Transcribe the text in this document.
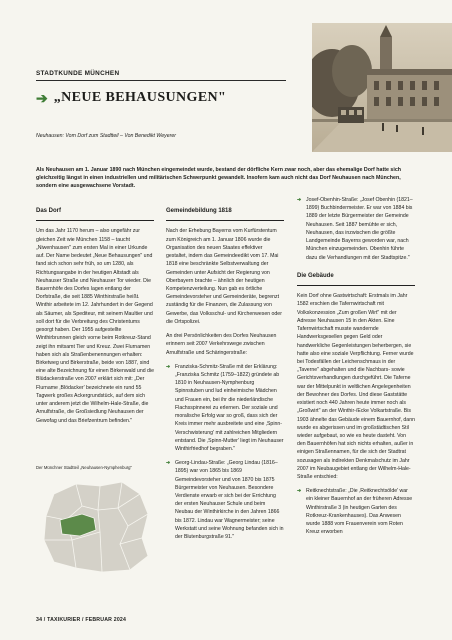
STADTKUNDE MÜNCHEN
➔ „NEUE BEHAUSUNGEN"
Neuhausen: Vom Dorf zum Stadtteil – Von Benedikt Weyerer
Als Neuhausen am 1. Januar 1890 nach München eingemeindet wurde, bestand der dörfliche Kern zwar noch, aber das ehemalige Dorf hatte sich gleichzeitig längst in einen industriellen und militärischen Schwerpunkt gewandelt. Insofern kam auch nicht das Dorf Neuhausen nach München, sondern eine ausgewachsene Vorstadt.
Das Dorf

Um das Jahr 1170 herum – also ungefähr zur gleichen Zeit wie München 1158 – taucht „Niwenhausen" zum ersten Mal in einer Urkunde auf. Der Name bedeutet „Neue Behausungen" und fand sich schon sehr früh, so um 1280, als Richtungsangabe in der heutigen Altstadt als Neuhauser Straße und Neuhauser Tor wieder. Die Bauernhöfe des Dorfes lagen entlang der Dorfstraße, die seit 1885 Winthirstraße heißt. Winthir arbeitete im 12. Jahrhundert in der Gegend als Säumer, als Spediteur, mit seinem Maultier und soll dort für die Verbreitung des Christentums gesorgt haben. Der 1955 aufgestellte Winthirbrunnen gleich vorne beim Rotkreuz-Stand zeigt ihn mitsamt Tier und Kreuz. Zwei Flurnamen haben sich als Straßenbenennungen erhalten: Birketweg und Birkerstraße, beide von 1887, sind eine alte Bezeichnung für einen Birkenwald und die Blüdackerstraße von 2007 erklärt sich mit: „Der Flurname ‚Blödacker' bezeichnete ein rund 55 Tagwerk großes Ackergrundstück, auf dem sich unter anderem jetzt die Wilhelm-Hale-Straße, die Arnulfstraße, die Großsiedlung Neuhausen der Gewofag und das Briefzentrum befinden."

Der Münchner Stadtteil „Neuhausen-Nymphenburg"
Gemeindebildung 1818

Nach der Erhebung Bayerns vom Kurfürstentum zum Königreich am 1. Januar 1806 wurde die Organisation des neuen Staates effektiver gestaltet, indem das Gemeindeedikt vom 17. Mai 1818 eine beschränkte Selbstverwaltung der Gemeinden unter Aufsicht der Regierung von Oberbayern brachte – ähnlich der heutigen Kompetenzverteilung. Nun gab es örtliche Gemeindevorsteher und Gemeinderäte, begrenzt zuständig für die Finanzen, die Zulassung von Gewerbe, das Volksschul- und Kirchenwesen oder die Ortspolizei.

An drei Persönlichkeiten des Dorfes Neuhausen erinnern seit 2007 Verkehrswege zwischen Arnulfstraße und Schäringerstraße:

➔ Franziska-Schmitz-Straße mit der Erklärung: „Franziska Schmitz (1759–1822) gründete ab 1810 in Neuhausen-Nymphenburg Spinnstuben und lud einheimische Mädchen und Frauen ein, bei ihr die niederländische Flachsspinnerei zu erlernen. Der soziale und moralische Erfolg war so groß, dass sich der Kreis immer mehr ausbreitete und eine ‚Spinn-Verschwisterung' mit zahlreichen Mitgliedern entstand. Die ‚Spinn-Mutter' liegt im Neuhauser Winthirfriedhof begraben."

➔ Georg-Lindau-Straße: „Georg Lindau (1816–1895) war von 1865 bis 1869 Gemeindevorsteher und von 1870 bis 1875 Bürgermeister von Neuhausen. Besondere Verdienste erwarb er sich bei der Errichtung der ersten Neuhauser Schule und beim Neubau der Winthirkirche in den Jahren 1866 bis 1872. Lindau war Wagnermeister; seine Werkstatt und seine Wohnung befanden sich in der Blutenburgstraße 91."

➔ Josef-Obenhin-Straße: „Josef Obenhin (1821–1899) Buchbindermeister. Er war von 1884 bis 1889 der letzte Bürgermeister der Gemeinde Neuhausen. Seit 1887 bemühte er sich, Neuhausen, das inzwischen die größte Landgemeinde Bayerns geworden war, nach München einzugemeinden. Obenhin führte dazu die Verhandlungen mit der Stadtspitze."

Die Gebäude

Kein Dorf ohne Gastwirtschaft: Erstmals im Jahr 1582 erschien die Tafernwirtschaft mit Volkskonzession „Zum großen Wirt" mit der Adresse Neuhausen 15 in den Akten. Eine Tafernwirtschaft musste wandernde Handwerksgesellen gegen Geld oder handwerkliche Gegenleistungen beherbergen, sie hatte also eine soziale Verpflichtung. Ferner wurde bei Todesfällen der Leichenschmaus in der „Taverne" abgehalten und die Nachbars- sowie Gerichtsverhandlungen durchgeführt. Die Taferne war der Mittelpunkt in weltlichen Angelegenheiten der Bewohner des Dorfes. Und diese Gaststätte existiert noch 440 Jahren heute immer noch als „Großwirt" an der Winthir-/Ecke Volkartstraße. Bis 1903 ähnelte das Gebäude einem Bauernhof, dann wurde es abgerissen und im großstädtischen Stil wieder aufgebaut, so wie es heute dasteht. Von den Bauernhöfen hat sich nichts erhalten, außer in einigen Straßennamen, für die sich der Stadtrat sozusagen als indirekten Denkmalschutz im Jahr 2007 im Neubaugebiet entlang der Wilhelm-Hale-Straße entschied:

➔ Reitknechtstraße: „Die ‚Reitknechtsölde' war ein kleiner Bauernhof an der früheren Adresse Winthirstraße 3 (in heutigen Garten des Rotkreuz-Krankenhauses). Das Anwesen wurde 1888 vom Frauenverein vom Roten Kreuz erworben

34 / TAXIKURIER / FEBRUAR 2024
